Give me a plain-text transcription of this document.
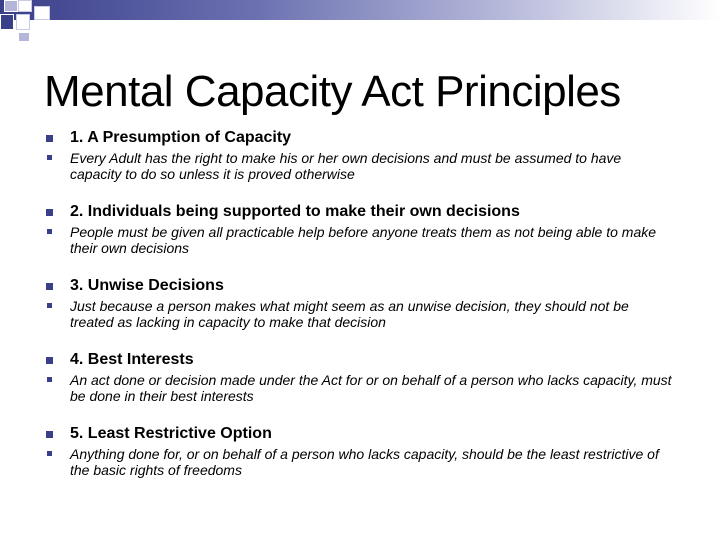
Mental Capacity Act Principles
1. A Presumption of Capacity
Every Adult has the right to make his or her own decisions and must be assumed to have capacity to do so unless it is proved otherwise
2. Individuals being supported to make their own decisions
People must be given all practicable help before anyone treats them as not being able to make their own decisions
3. Unwise Decisions
Just because a person makes what might seem as an unwise decision, they should not be treated as lacking in capacity to make that decision
4. Best Interests
An act done or decision made under the Act for or on behalf of a person who lacks capacity, must be done in their best interests
5. Least Restrictive Option
Anything done for, or on behalf of a person who lacks capacity, should be the least restrictive of the basic rights of freedoms
